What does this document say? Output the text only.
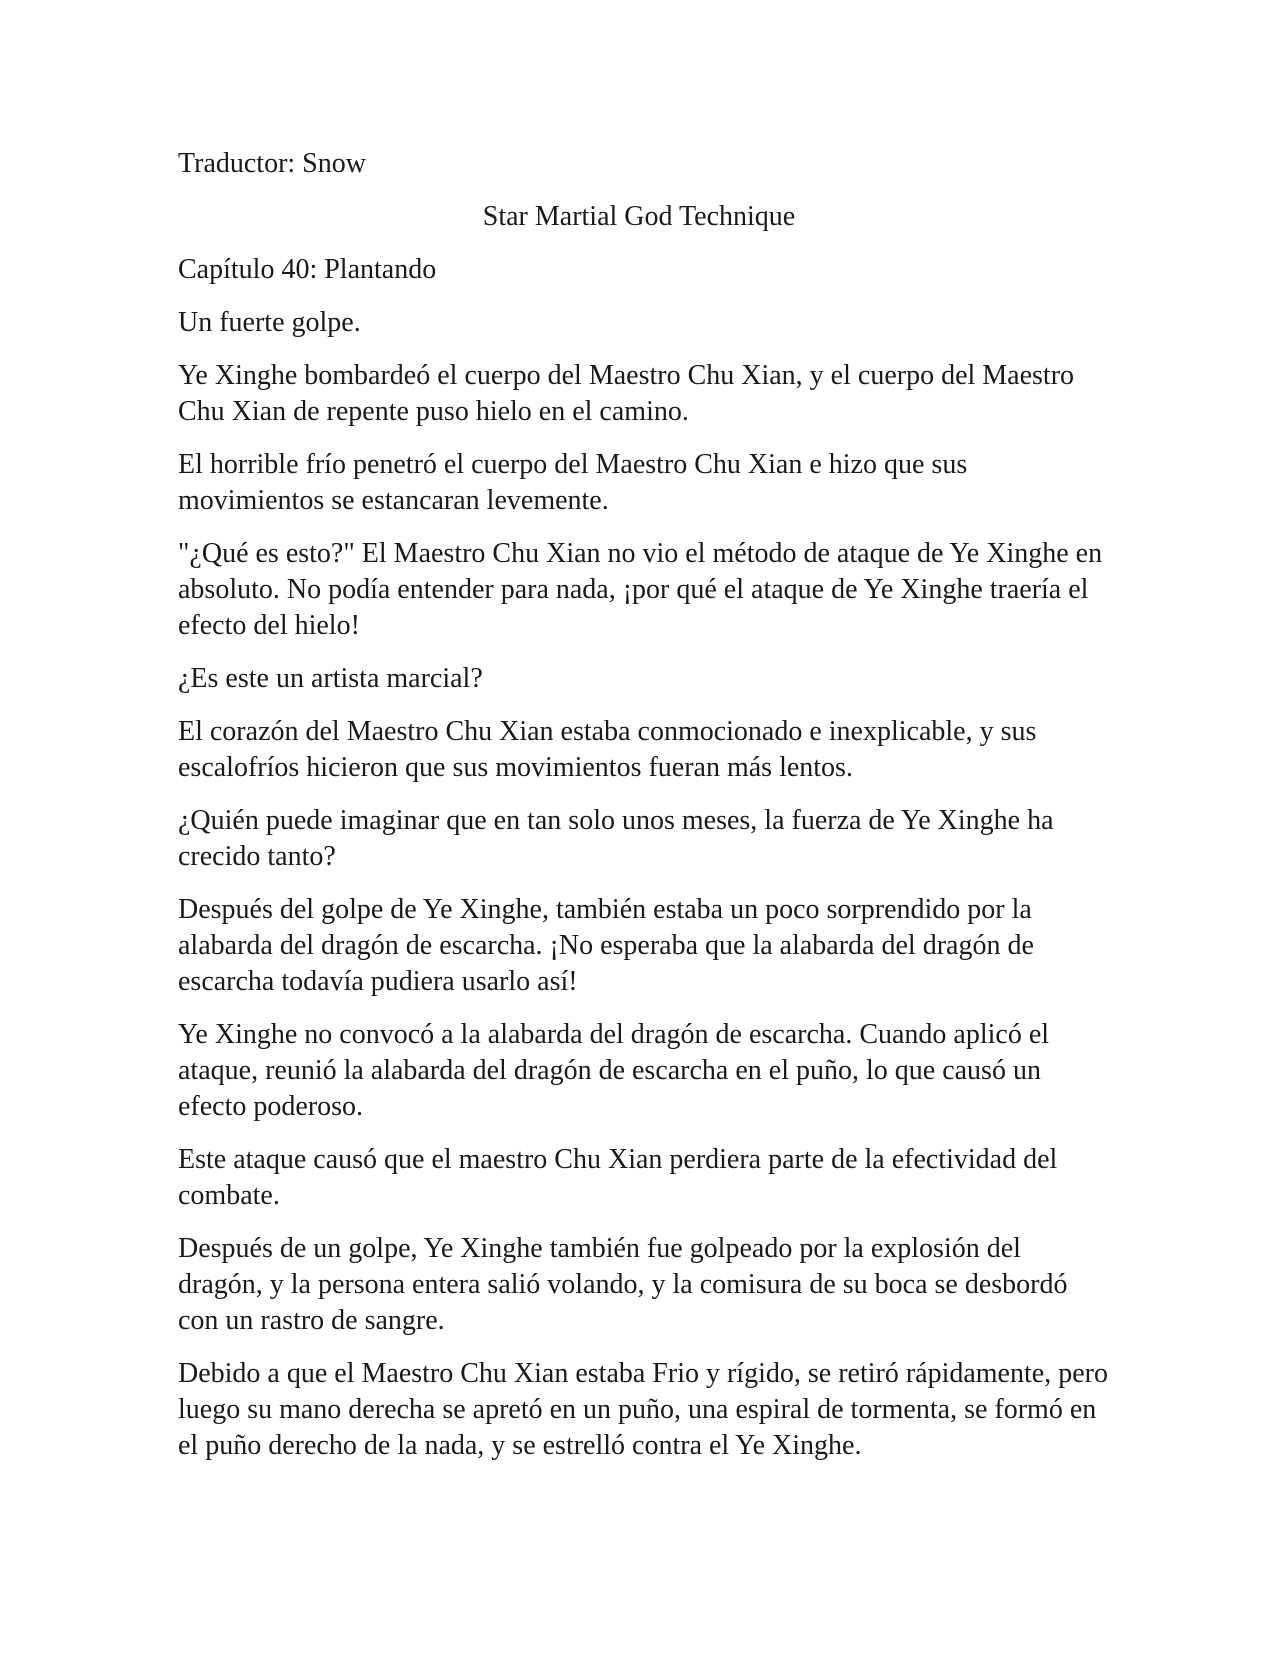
Traductor: Snow

Star Martial God Technique

Capítulo 40: Plantando

Un fuerte golpe.

Ye Xinghe bombardeó el cuerpo del Maestro Chu Xian, y el cuerpo del Maestro Chu Xian de repente puso hielo en el camino.

El horrible frío penetró el cuerpo del Maestro Chu Xian e hizo que sus movimientos se estancaran levemente.

"¿Qué es esto?" El Maestro Chu Xian no vio el método de ataque de Ye Xinghe en absoluto. No podía entender para nada, ¡por qué el ataque de Ye Xinghe traería el efecto del hielo!

¿Es este un artista marcial?

El corazón del Maestro Chu Xian estaba conmocionado e inexplicable, y sus escalofríos hicieron que sus movimientos fueran más lentos.

¿Quién puede imaginar que en tan solo unos meses, la fuerza de Ye Xinghe ha crecido tanto?

Después del golpe de Ye Xinghe, también estaba un poco sorprendido por la alabarda del dragón de escarcha. ¡No esperaba que la alabarda del dragón de escarcha todavía pudiera usarlo así!

Ye Xinghe no convocó a la alabarda del dragón de escarcha. Cuando aplicó el ataque, reunió la alabarda del dragón de escarcha en el puño, lo que causó un efecto poderoso.

Este ataque causó que el maestro Chu Xian perdiera parte de la efectividad del combate.

Después de un golpe, Ye Xinghe también fue golpeado por la explosión del dragón, y la persona entera salió volando, y la comisura de su boca se desbordó con un rastro de sangre.

Debido a que el Maestro Chu Xian estaba Frio y rígido, se retiró rápidamente, pero luego su mano derecha se apretó en un puño, una espiral de tormenta, se formó en el puño derecho de la nada, y se estrelló contra el Ye Xinghe.
